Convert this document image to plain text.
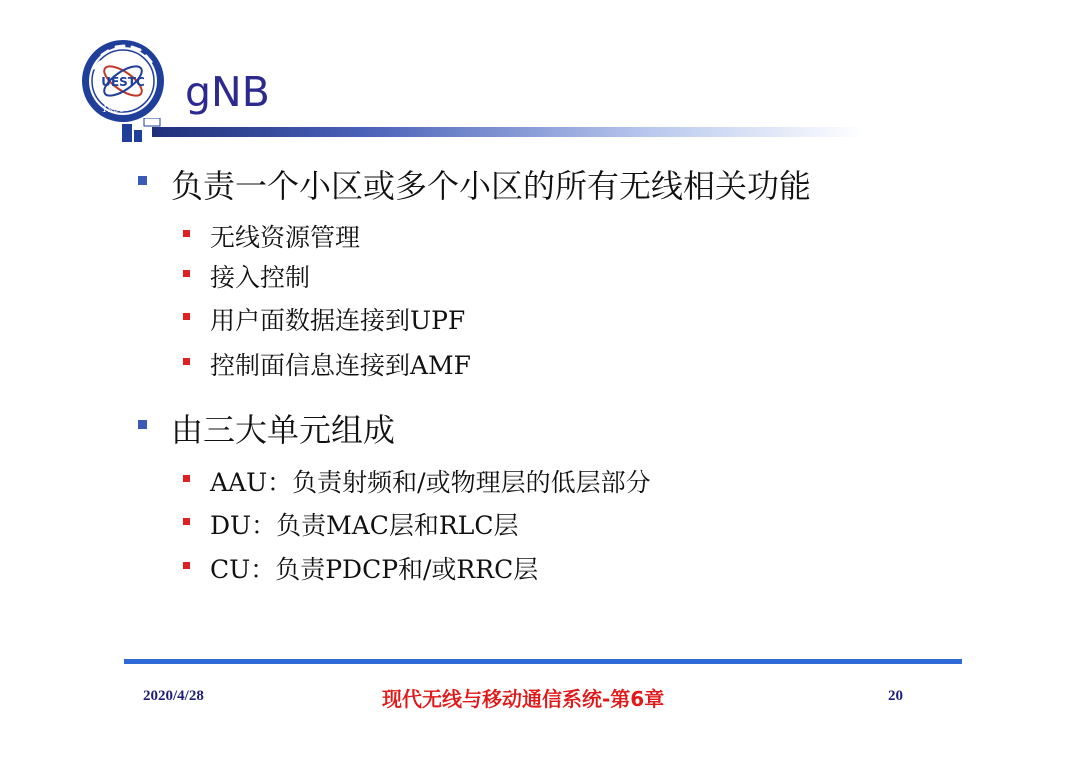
UESTC
1956 gNB
负责一个小区或多个小区的所有无线相关功能
无线资源管理
接入控制
用户面数据连接到UPF
控制面信息连接到AMF
由三大单元组成
AAU：负责射频和/或物理层的低层部分
DU：负责MAC层和RLC层
CU：负责PDCP和/或RRC层
2020/4/28	现代无线与移动通信系统-第6章	20
